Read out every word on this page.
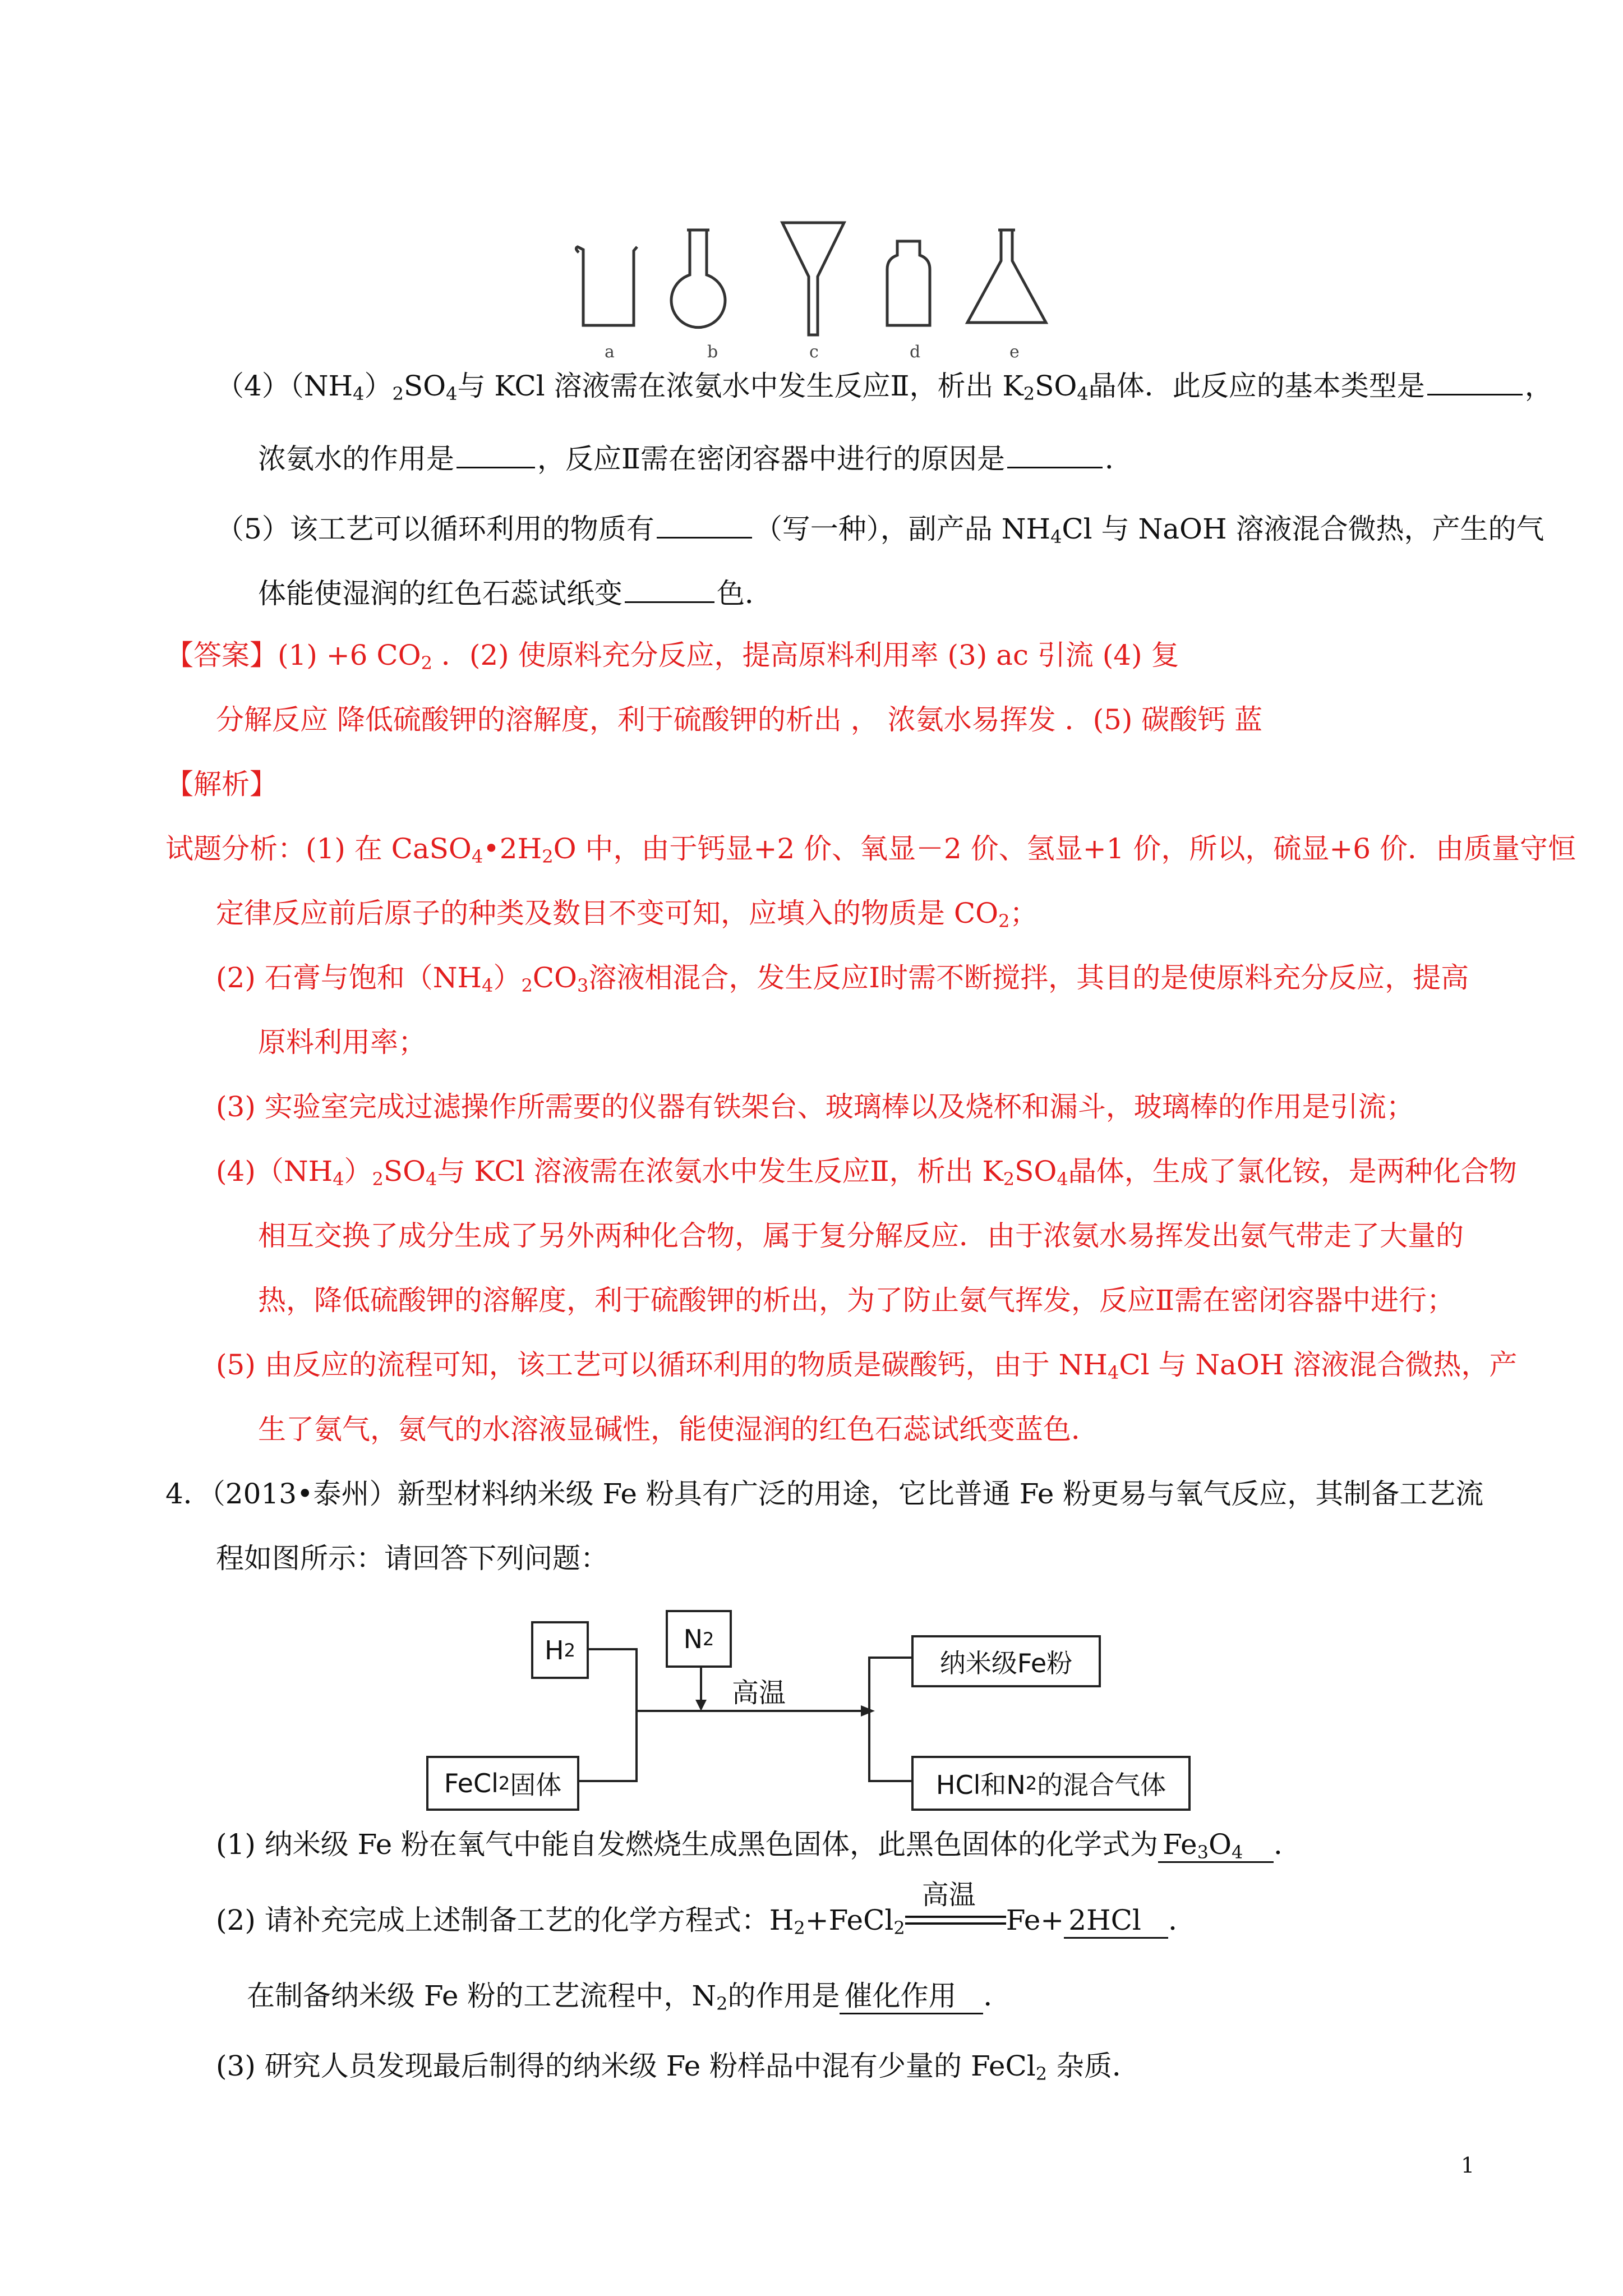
a	b	c	d	e
$(4)(NH_4)_2SO_4$与 KCl 溶液需在浓氨水中发生反应Ⅱ，析出 $K_2SO_4$晶体．此反应的基本类型是	，
浓氨水的作用是	，反应Ⅱ需在密闭容器中进行的原因是	．
（5）该工艺可以循环利用的物质有	（写一种），副产品 $NH_4Cl$ 与 NaOH 溶液混合微热，产生的气
体能使湿润的红色石蕊试纸变	色．
【答案】(1) +6 $CO_2$ ．(2) 使原料充分反应，提高原料利用率 (3) ac 引流 (4) 复
分解反应 降低硫酸钾的溶解度，利于硫酸钾的析出 ， 浓氨水易挥发 ．(5) 碳酸钙 蓝
【解析】
试题分析：(1) 在 $CaSO_4•2H_2O$ 中，由于钙显+2 价、氧显－2 价、氢显+1 价，所以，硫显+6 价．由质量守恒
定律反应前后原子的种类及数目不变可知，应填入的物质是 $CO_2$；
(2) 石膏与饱和$(NH_4)_2CO_3$溶液相混合，发生反应Ⅰ时需不断搅拌，其目的是使原料充分反应，提高
原料利用率；
(3) 实验室完成过滤操作所需要的仪器有铁架台、玻璃棒以及烧杯和漏斗，玻璃棒的作用是引流；
$(4)(NH_4)_2SO_4$与 KCl 溶液需在浓氨水中发生反应Ⅱ，析出 $K_2SO_4$晶体，生成了氯化铵，是两种化合物
相互交换了成分生成了另外两种化合物，属于复分解反应．由于浓氨水易挥发出氨气带走了大量的
热，降低硫酸钾的溶解度，利于硫酸钾的析出，为了防止氨气挥发，反应Ⅱ需在密闭容器中进行；
(5) 由反应的流程可知，该工艺可以循环利用的物质是碳酸钙，由于 $NH_4Cl$ 与 NaOH 溶液混合微热，产
生了氨气，氨气的水溶液显碱性，能使湿润的红色石蕊试纸变蓝色．
4．（2013•泰州）新型材料纳米级 Fe 粉具有广泛的用途，它比普通 Fe 粉更易与氧气反应，其制备工艺流
程如图所示：请回答下列问题：
H 2	N 2
FeCl 2 固体
高温
纳米级Fe粉
HCl和N 2 的混合气体
(1) 纳米级 Fe 粉在氧气中能自发燃烧生成黑色固体，此黑色固体的化学式为 $Fe_3O_4$ ．
(2) 请补充完成上述制备工艺的化学方程式：$H_2+FeCl_2$
高温
Fe+ 2HCl ．
在制备纳米级 Fe 粉的工艺流程中，$N_2$的作用是 催化作用 ．
(3) 研究人员发现最后制得的纳米级 Fe 粉样品中混有少量的 FeCl$_2$ 杂质．
1
